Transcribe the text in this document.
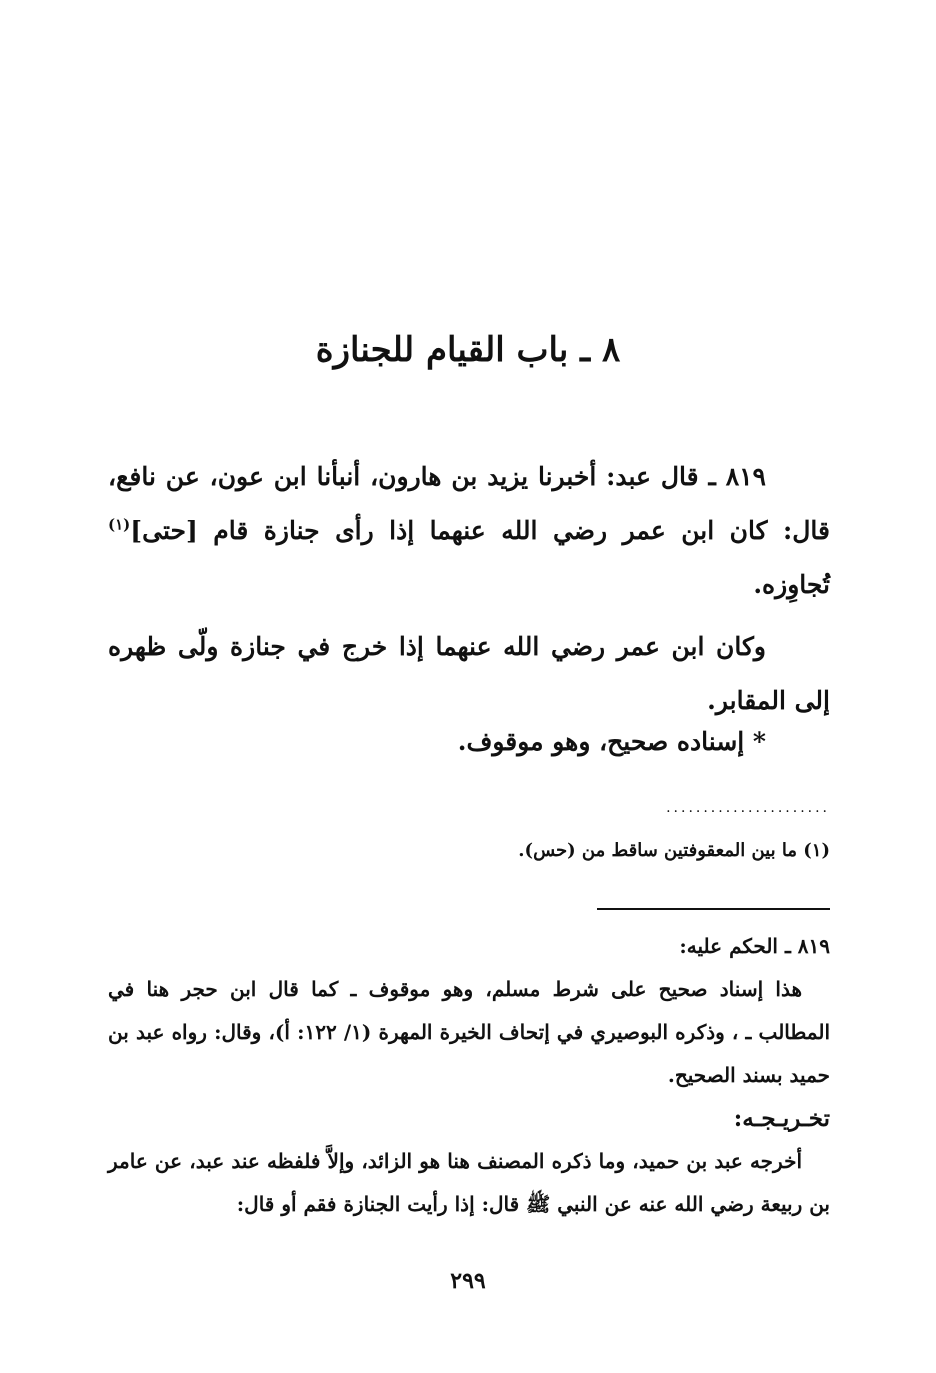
٨ ـ باب القيام للجنازة

٨١٩ ـ قال عبد: أخبرنا يزيد بن هارون، أنبأنا ابن عون، عن نافع، قال: كان ابن عمر رضي الله عنهما إذا رأى جنازة قام [حتى]$^{(١)}$ تُجاوِزه.

وكان ابن عمر رضي الله عنهما إذا خرج في جنازة ولّى ظهره إلى المقابر.

* إسناده صحيح، وهو موقوف.
......................
(١) ما بين المعقوفتين ساقط من (حس).

٨١٩ ـ الحكم عليه:

هذا إسناد صحيح على شرط مسلم، وهو موقوف ـ كما قال ابن حجر هنا في المطالب ـ ، وذكره البوصيري في إتحاف الخيرة المهرة (١/ ١٢٢: أ)، وقال: رواه عبد بن حميد بسند الصحيح.

تخـريـجـه:

أخرجه عبد بن حميد، وما ذكره المصنف هنا هو الزائد، وإلاَّ فلفظه عند عبد، عن عامر بن ربيعة رضي الله عنه عن النبي ﷺ قال: إذا رأيت الجنازة فقم أو قال:

٢٩٩
